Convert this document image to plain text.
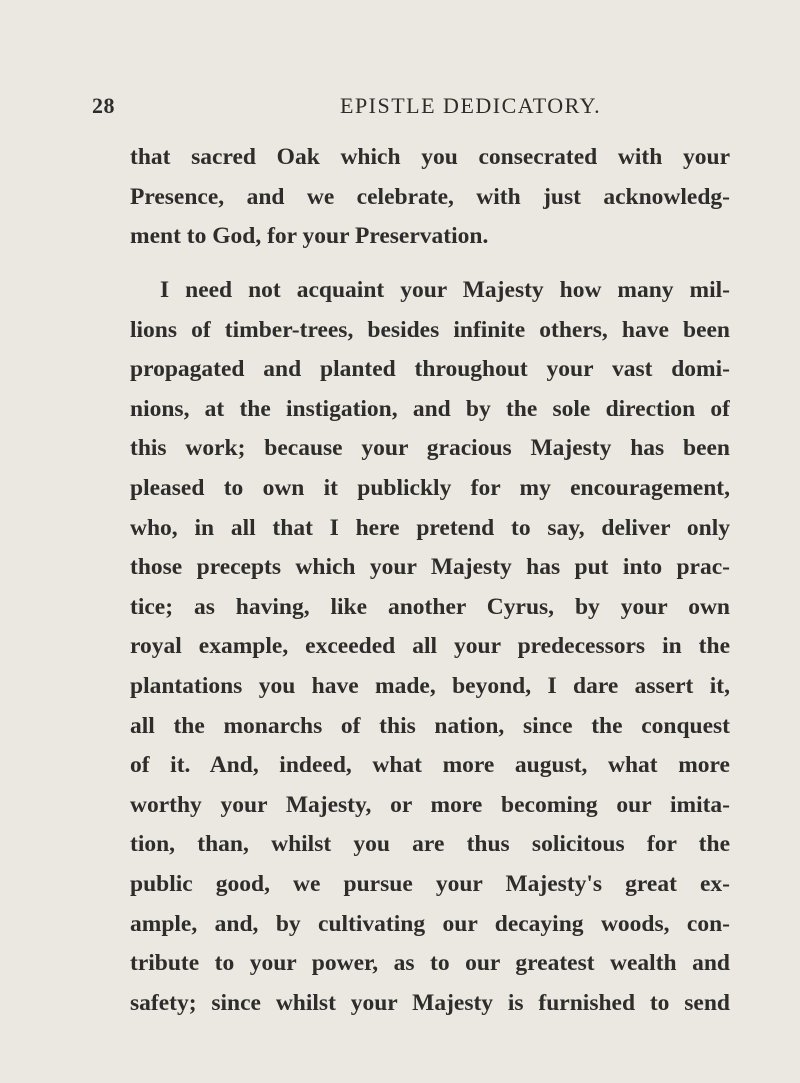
28	EPISTLE DEDICATORY.
that sacred Oak which you consecrated with your
Presence, and we celebrate, with just acknowledg-
ment to God, for your Preservation.
I need not acquaint your Majesty how many mil-
lions of timber-trees, besides infinite others, have been
propagated and planted throughout your vast domi-
nions, at the instigation, and by the sole direction of
this work; because your gracious Majesty has been
pleased to own it publickly for my encouragement,
who, in all that I here pretend to say, deliver only
those precepts which your Majesty has put into prac-
tice; as having, like another Cyrus, by your own
royal example, exceeded all your predecessors in the
plantations you have made, beyond, I dare assert it,
all the monarchs of this nation, since the conquest
of it. And, indeed, what more august, what more
worthy your Majesty, or more becoming our imita-
tion, than, whilst you are thus solicitous for the
public good, we pursue your Majesty's great ex-
ample, and, by cultivating our decaying woods, con-
tribute to your power, as to our greatest wealth and
safety; since whilst your Majesty is furnished to send
